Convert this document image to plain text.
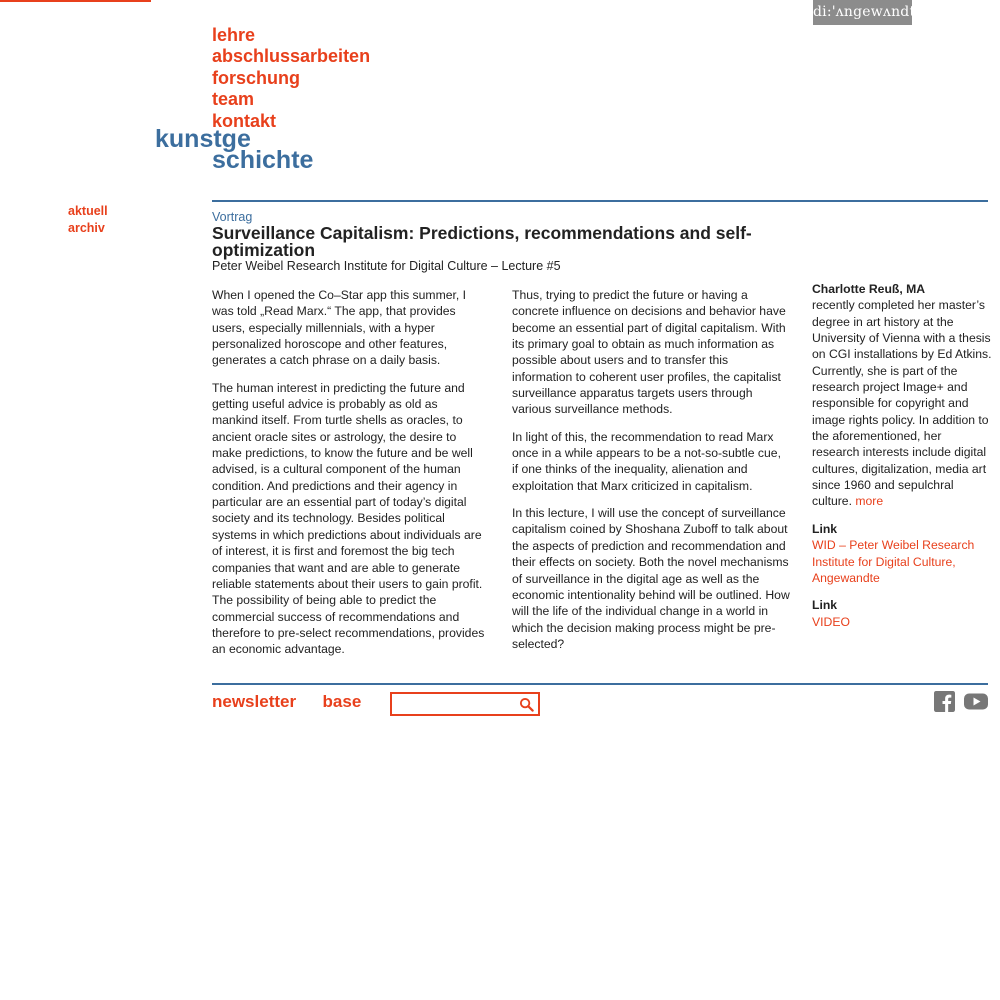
di:'ʌngewʌndtə
lehre
abschlussarbeiten
forschung
team
kontakt
kunstge
schichte
aktuell
archiv
Vortrag
Surveillance Capitalism: Predictions, recommendations and self-optimization
Peter Weibel Research Institute for Digital Culture – Lecture #5

When I opened the Co–Star app this summer, I was told „Read Marx.“ The app, that provides users, especially millennials, with a hyper personalized horoscope and other features, generates a catch phrase on a daily basis.

The human interest in predicting the future and getting useful advice is probably as old as mankind itself. From turtle shells as oracles, to ancient oracle sites or astrology, the desire to make predictions, to know the future and be well advised, is a cultural component of the human condition. And predictions and their agency in particular are an essential part of today’s digital society and its technology. Besides political systems in which predictions about individuals are of interest, it is first and foremost the big tech companies that want and are able to generate reliable statements about their users to gain profit. The possibility of being able to predict the commercial success of recommendations and therefore to pre-select recommendations, provides an economic advantage.

Thus, trying to predict the future or having a concrete influence on decisions and behavior have become an essential part of digital capitalism. With its primary goal to obtain as much information as possible about users and to transfer this information to coherent user profiles, the capitalist surveillance apparatus targets users through various surveillance methods.

In light of this, the recommendation to read Marx once in a while appears to be a not-so-subtle cue, if one thinks of the inequality, alienation and exploitation that Marx criticized in capitalism.

In this lecture, I will use the concept of surveillance capitalism coined by Shoshana Zuboff to talk about the aspects of prediction and recommendation and their effects on society. Both the novel mechanisms of surveillance in the digital age as well as the economic intentionality behind will be outlined. How will the life of the individual change in a world in which the decision making process might be pre-selected?

Charlotte Reuß, MA
recently completed her master’s degree in art history at the University of Vienna with a thesis on CGI installations by Ed Atkins. Currently, she is part of the research project Image+ and responsible for copyright and image rights policy. In addition to the aforementioned, her research interests include digital cultures, digitalization, media art since 1960 and sepulchral culture. more
Link
WID – Peter Weibel Research Institute for Digital Culture, Angewandte
Link
VIDEO
newsletter base
